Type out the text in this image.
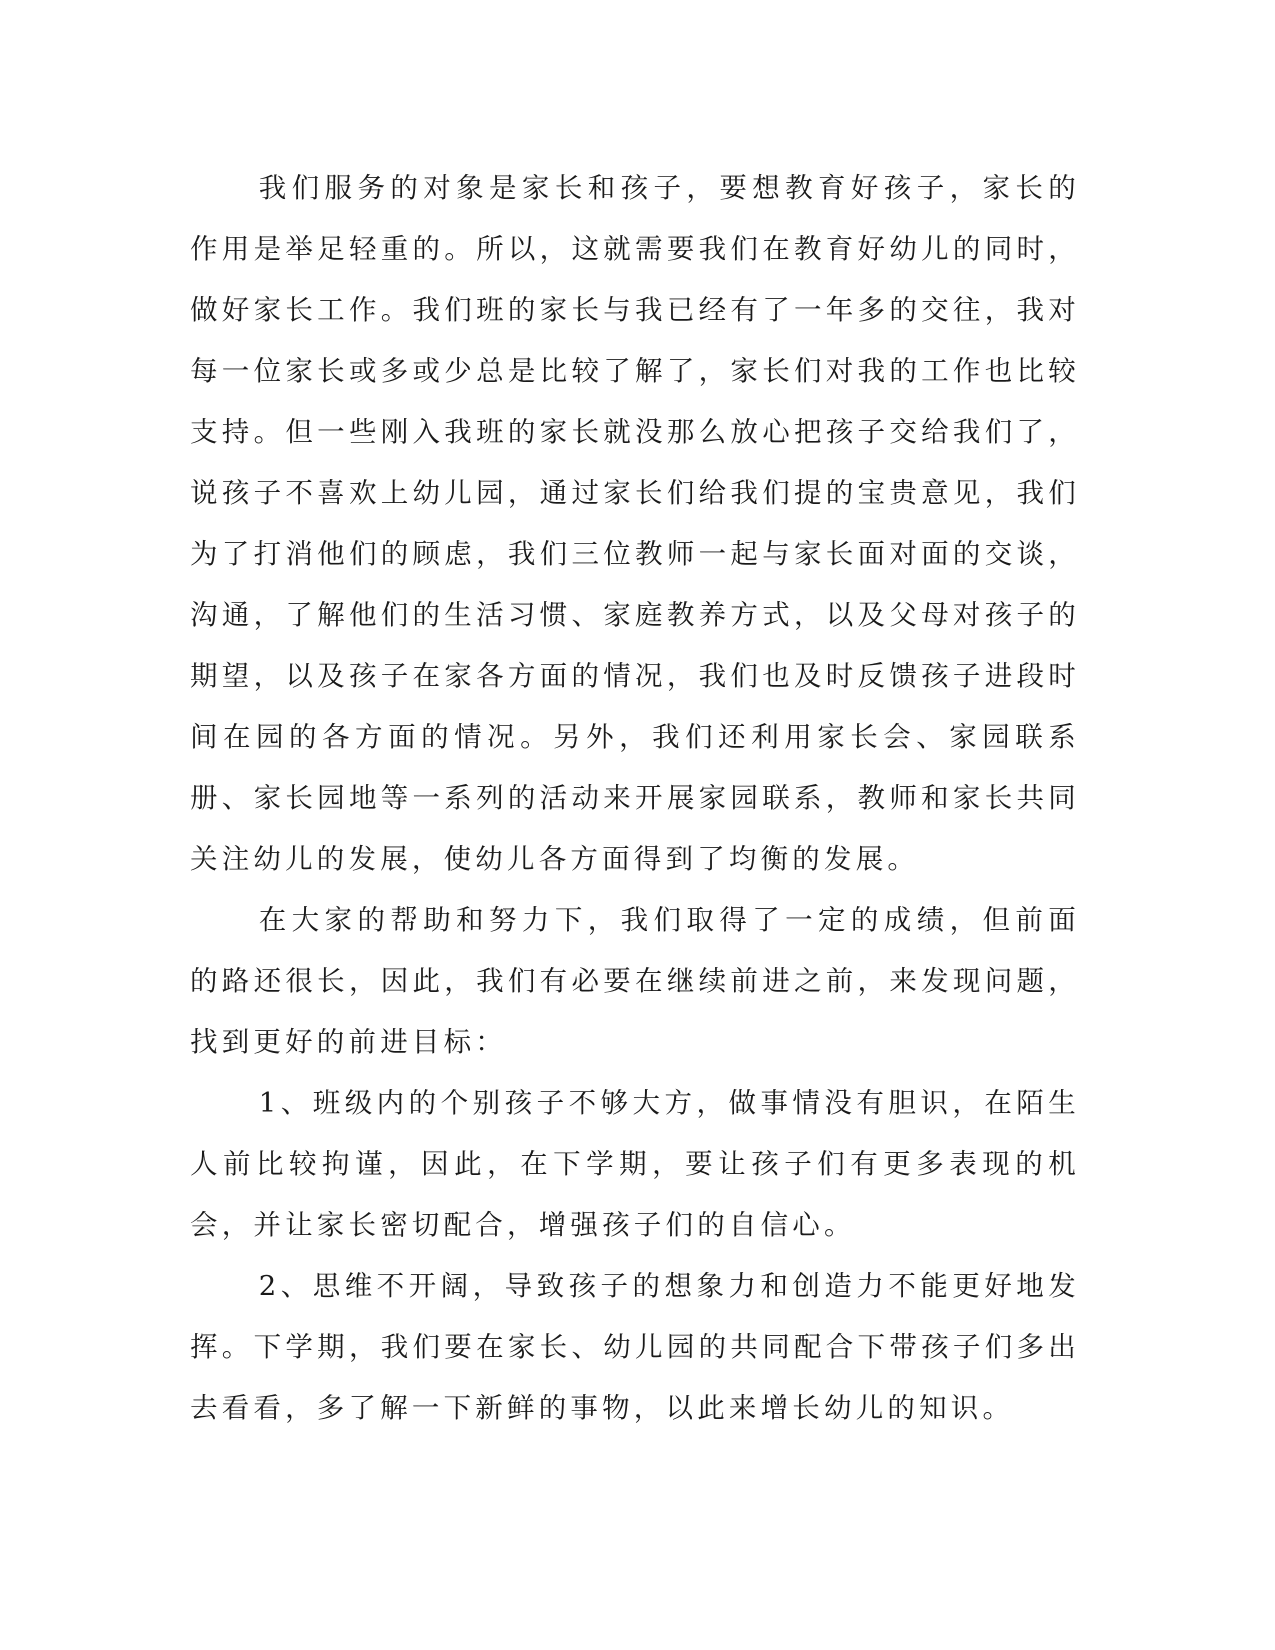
我们服务的对象是家长和孩子，要想教育好孩子，家长的作用是举足轻重的。所以，这就需要我们在教育好幼儿的同时，做好家长工作。我们班的家长与我已经有了一年多的交往，我对每一位家长或多或少总是比较了解了，家长们对我的工作也比较支持。但一些刚入我班的家长就没那么放心把孩子交给我们了，说孩子不喜欢上幼儿园，通过家长们给我们提的宝贵意见，我们为了打消他们的顾虑，我们三位教师一起与家长面对面的交谈，沟通，了解他们的生活习惯、家庭教养方式，以及父母对孩子的期望，以及孩子在家各方面的情况，我们也及时反馈孩子进段时间在园的各方面的情况。另外，我们还利用家长会、家园联系册、家长园地等一系列的活动来开展家园联系，教师和家长共同关注幼儿的发展，使幼儿各方面得到了均衡的发展。

在大家的帮助和努力下，我们取得了一定的成绩，但前面的路还很长，因此，我们有必要在继续前进之前，来发现问题，找到更好的前进目标：

1、班级内的个别孩子不够大方，做事情没有胆识，在陌生人前比较拘谨，因此，在下学期，要让孩子们有更多表现的机会，并让家长密切配合，增强孩子们的自信心。

2、思维不开阔，导致孩子的想象力和创造力不能更好地发挥。下学期，我们要在家长、幼儿园的共同配合下带孩子们多出去看看，多了解一下新鲜的事物，以此来增长幼儿的知识。
